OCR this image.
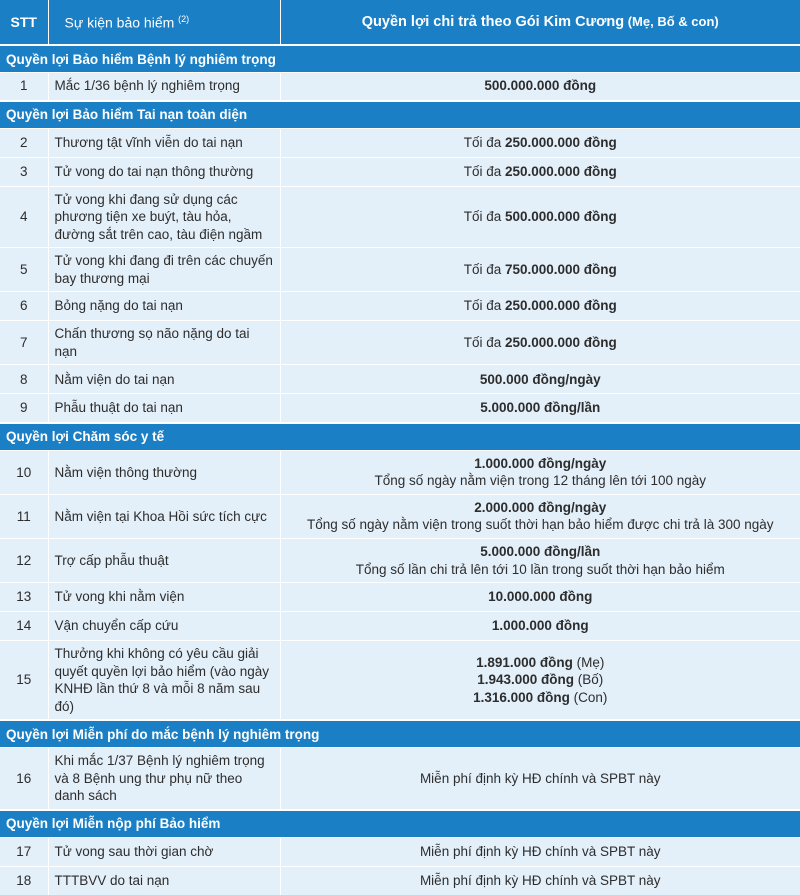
STT	Sự kiện bảo hiểm $^{(2)}$	Quyền lợi chi trả theo Gói Kim Cương (Mẹ, Bố & con)
Quyền lợi Bảo hiểm Bệnh lý nghiêm trọng		
1	Mắc 1/36 bệnh lý nghiêm trọng	500.000.000 đồng
Quyền lợi Bảo hiểm Tai nạn toàn diện		
2	Thương tật vĩnh viễn do tai nạn	Tối đa 250.000.000 đồng
3	Tử vong do tai nạn thông thường	Tối đa 250.000.000 đồng
4	Tử vong khi đang sử dụng các phương tiện xe buýt, tàu hỏa, đường sắt trên cao, tàu điện ngầm	Tối đa 500.000.000 đồng
5	Tử vong khi đang đi trên các chuyến bay thương mại	Tối đa 750.000.000 đồng
6	Bỏng nặng do tai nạn	Tối đa 250.000.000 đồng
7	Chấn thương sọ não nặng do tai nạn	Tối đa 250.000.000 đồng
8	Nằm viện do tai nạn	500.000 đồng/ngày
9	Phẫu thuật do tai nạn	5.000.000 đồng/lần
Quyền lợi Chăm sóc y tế		
10	Nằm viện thông thường	1.000.000 đồng/ngày
Tổng số ngày nằm viện trong 12 tháng lên tới 100 ngày

11	Nằm viện tại Khoa Hồi sức tích cực	2.000.000 đồng/ngày
Tổng số ngày nằm viện trong suốt thời hạn bảo hiểm được chi trả là 300 ngày

12	Trợ cấp phẫu thuật	5.000.000 đồng/lần
Tổng số lần chi trả lên tới 10 lần trong suốt thời hạn bảo hiểm

13	Tử vong khi nằm viện	10.000.000 đồng
14	Vận chuyển cấp cứu	1.000.000 đồng
15	Thưởng khi không có yêu cầu giải quyết quyền lợi bảo hiểm (vào ngày KNHĐ lần thứ 8 và mỗi 8 năm sau đó)	1.891.000 đồng (Mẹ)
1.943.000 đồng (Bố)
1.316.000 đồng (Con)

Quyền lợi Miễn phí do mắc bệnh lý nghiêm trọng		
16	Khi mắc 1/37 Bệnh lý nghiêm trọng và 8 Bệnh ung thư phụ nữ theo danh sách	Miễn phí định kỳ HĐ chính và SPBT này
Quyền lợi Miễn nộp phí Bảo hiểm		
17	Tử vong sau thời gian chờ	Miễn phí định kỳ HĐ chính và SPBT này
18	TTTBVV do tai nạn	Miễn phí định kỳ HĐ chính và SPBT này
